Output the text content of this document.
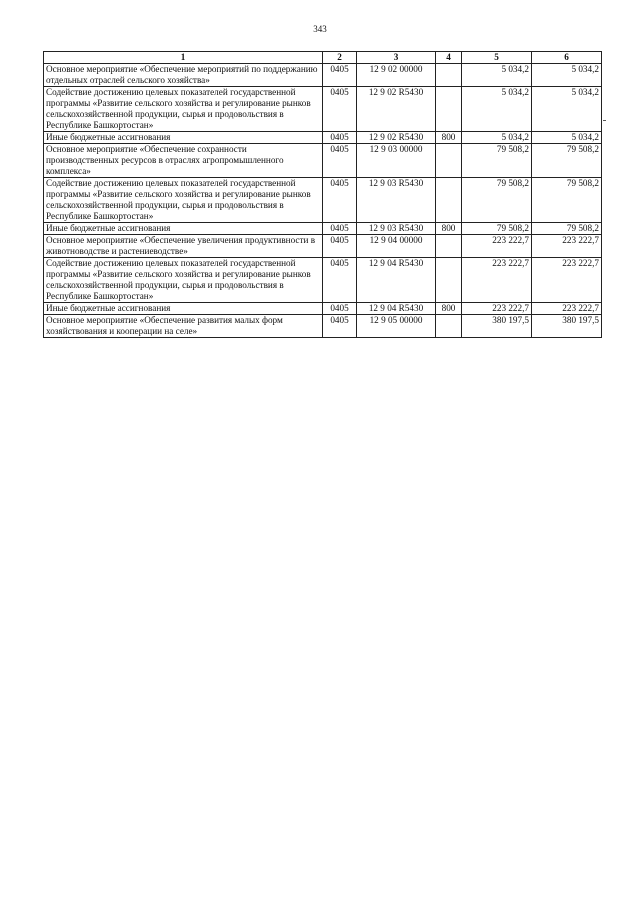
343
1	2	3	4	5	6
Основное мероприятие «Обеспечение мероприятий по поддержанию отдельных отраслей сельского хозяйства»	0405	12 9 02 00000		5 034,2	5 034,2
Содействие достижению целевых показателей государственной программы «Развитие сельского хозяйства и регулирование рынков сельскохозяйственной продукции, сырья и продовольствия в Республике Башкортостан»	0405	12 9 02 R5430		5 034,2	5 034,2
Иные бюджетные ассигнования	0405	12 9 02 R5430	800	5 034,2	5 034,2
Основное мероприятие «Обеспечение сохранности производственных ресурсов в отраслях агропромышленного комплекса»	0405	12 9 03 00000		79 508,2	79 508,2
Содействие достижению целевых показателей государственной программы «Развитие сельского хозяйства и регулирование рынков сельскохозяйственной продукции, сырья и продовольствия в Республике Башкортостан»	0405	12 9 03 R5430		79 508,2	79 508,2
Иные бюджетные ассигнования	0405	12 9 03 R5430	800	79 508,2	79 508,2
Основное мероприятие «Обеспечение увеличения продуктивности в животноводстве и растениеводстве»	0405	12 9 04 00000		223 222,7	223 222,7
Содействие достижению целевых показателей государственной программы «Развитие сельского хозяйства и регулирование рынков сельскохозяйственной продукции, сырья и продовольствия в Республике Башкортостан»	0405	12 9 04 R5430		223 222,7	223 222,7
Иные бюджетные ассигнования	0405	12 9 04 R5430	800	223 222,7	223 222,7
Основное мероприятие «Обеспечение развития малых форм хозяйствования и кооперации на селе»	0405	12 9 05 00000		380 197,5	380 197,5
